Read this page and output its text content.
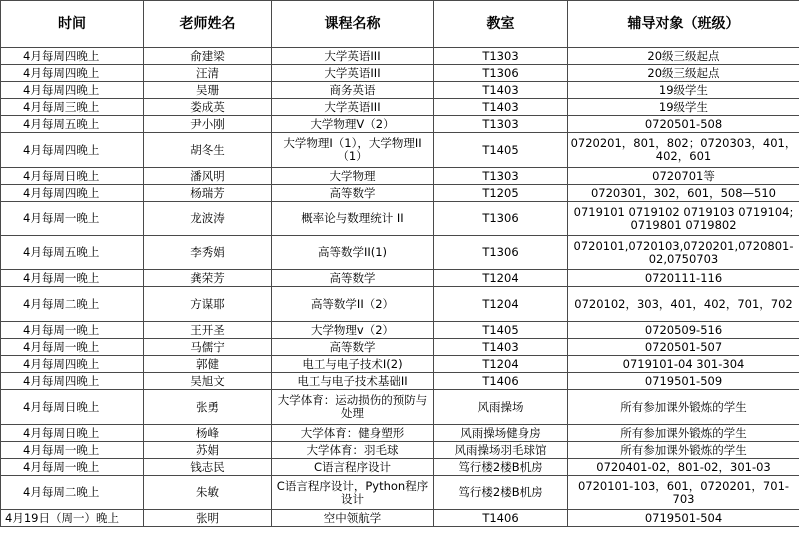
时间	老师姓名	课程名称	教室	辅导对象（班级）
4月每周四晚上	俞建梁	大学英语III	T1303	20级三级起点
4月每周四晚上	汪清	大学英语III	T1306	20级三级起点
4月每周四晚上	吴珊	商务英语	T1403	19级学生
4月每周三晚上	娄成英	大学英语III	T1403	19级学生
4月每周五晚上	尹小刚	大学物理V（2）	T1303	0720501-508
4月每周四晚上	胡冬生	大学物理I（1），大学物理II（1）	T1405	0720201，801，802；0720303，401，402，601
4月每周日晚上	潘风明	大学物理	T1303	0720701等
4月每周四晚上	杨瑞芳	高等数学	T1205	0720301，302，601，508—510
4月每周一晚上	龙波涛	概率论与数理统计 II	T1306	0719101 0719102 0719103 0719104; 0719801 0719802
4月每周五晚上	李秀娟	高等数学II(1)	T1306	0720101,0720103,0720201,0720801-02,0750703
4月每周一晚上	龚荣芳	高等数学	T1204	0720111-116
4月每周二晚上	方谋耶	高等数学II（2）	T1204	0720102，303，401，402，701，702
4月每周一晚上	王开圣	大学物理v（2）	T1405	0720509-516
4月每周一晚上	马儒宁	高等数学	T1403	0720501-507
4月每周四晚上	郭健	电工与电子技术Ⅰ(2)	T1204	0719101-04 301-304
4月每周四晚上	吴旭文	电工与电子技术基础II	T1406	0719501-509
4月每周日晚上	张勇	大学体育：运动损伤的预防与处理	风雨操场	所有参加课外锻炼的学生
4月每周日晚上	杨峰	大学体育：健身塑形	风雨操场健身房	所有参加课外锻炼的学生
4月每周一晚上	苏娟	大学体育：羽毛球	风雨操场羽毛球馆	所有参加课外锻炼的学生
4月每周一晚上	钱志民	C语言程序设计	笃行楼2楼B机房	0720401-02，801-02，301-03
4月每周二晚上	朱敏	C语言程序设计，Python程序设计	笃行楼2楼B机房	0720101-103，601，0720201，701-703
4月19日（周一）晚上	张明	空中领航学	T1406	0719501-504
